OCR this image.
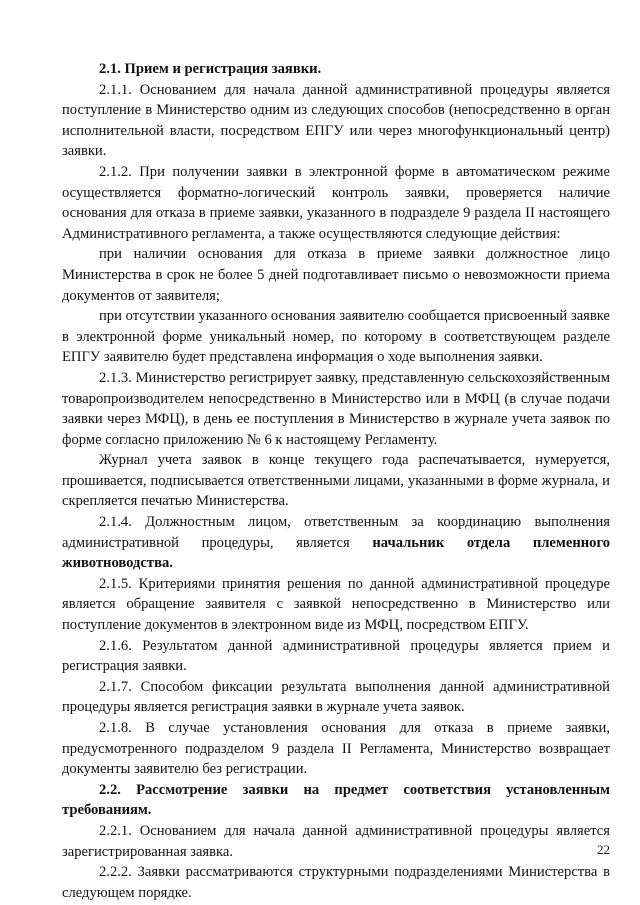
2.1. Прием и регистрация заявки.

2.1.1. Основанием для начала данной административной процедуры является поступление в Министерство одним из следующих способов (непосредственно в орган исполнительной власти, посредством ЕПГУ или через многофункциональный центр) заявки.

2.1.2. При получении заявки в электронной форме в автоматическом режиме осуществляется форматно-логический контроль заявки, проверяется наличие основания для отказа в приеме заявки, указанного в подразделе 9 раздела II настоящего Административного регламента, а также осуществляются следующие действия:

при наличии основания для отказа в приеме заявки должностное лицо Министерства в срок не более 5 дней подготавливает письмо о невозможности приема документов от заявителя;

при отсутствии указанного основания заявителю сообщается присвоенный заявке в электронной форме уникальный номер, по которому в соответствующем разделе ЕПГУ заявителю будет представлена информация о ходе выполнения заявки.

2.1.3. Министерство регистрирует заявку, представленную сельскохозяйственным товаропроизводителем непосредственно в Министерство или в МФЦ (в случае подачи заявки через МФЦ), в день ее поступления в Министерство в журнале учета заявок по форме согласно приложению № 6 к настоящему Регламенту.

Журнал учета заявок в конце текущего года распечатывается, нумеруется, прошивается, подписывается ответственными лицами, указанными в форме журнала, и скрепляется печатью Министерства.

2.1.4. Должностным лицом, ответственным за координацию выполнения административной процедуры, является начальник отдела племенного животноводства.

2.1.5. Критериями принятия решения по данной административной процедуре является обращение заявителя с заявкой непосредственно в Министерство или поступление документов в электронном виде из МФЦ, посредством ЕПГУ.

2.1.6. Результатом данной административной процедуры является прием и регистрация заявки.

2.1.7. Способом фиксации результата выполнения данной административной процедуры является регистрация заявки в журнале учета заявок.

2.1.8. В случае установления основания для отказа в приеме заявки, предусмотренного подразделом 9 раздела II Регламента, Министерство возвращает документы заявителю без регистрации.

2.2. Рассмотрение заявки на предмет соответствия установленным требованиям.

2.2.1. Основанием для начала данной административной процедуры является зарегистрированная заявка.

2.2.2. Заявки рассматриваются структурными подразделениями Министерства в следующем порядке.

22
